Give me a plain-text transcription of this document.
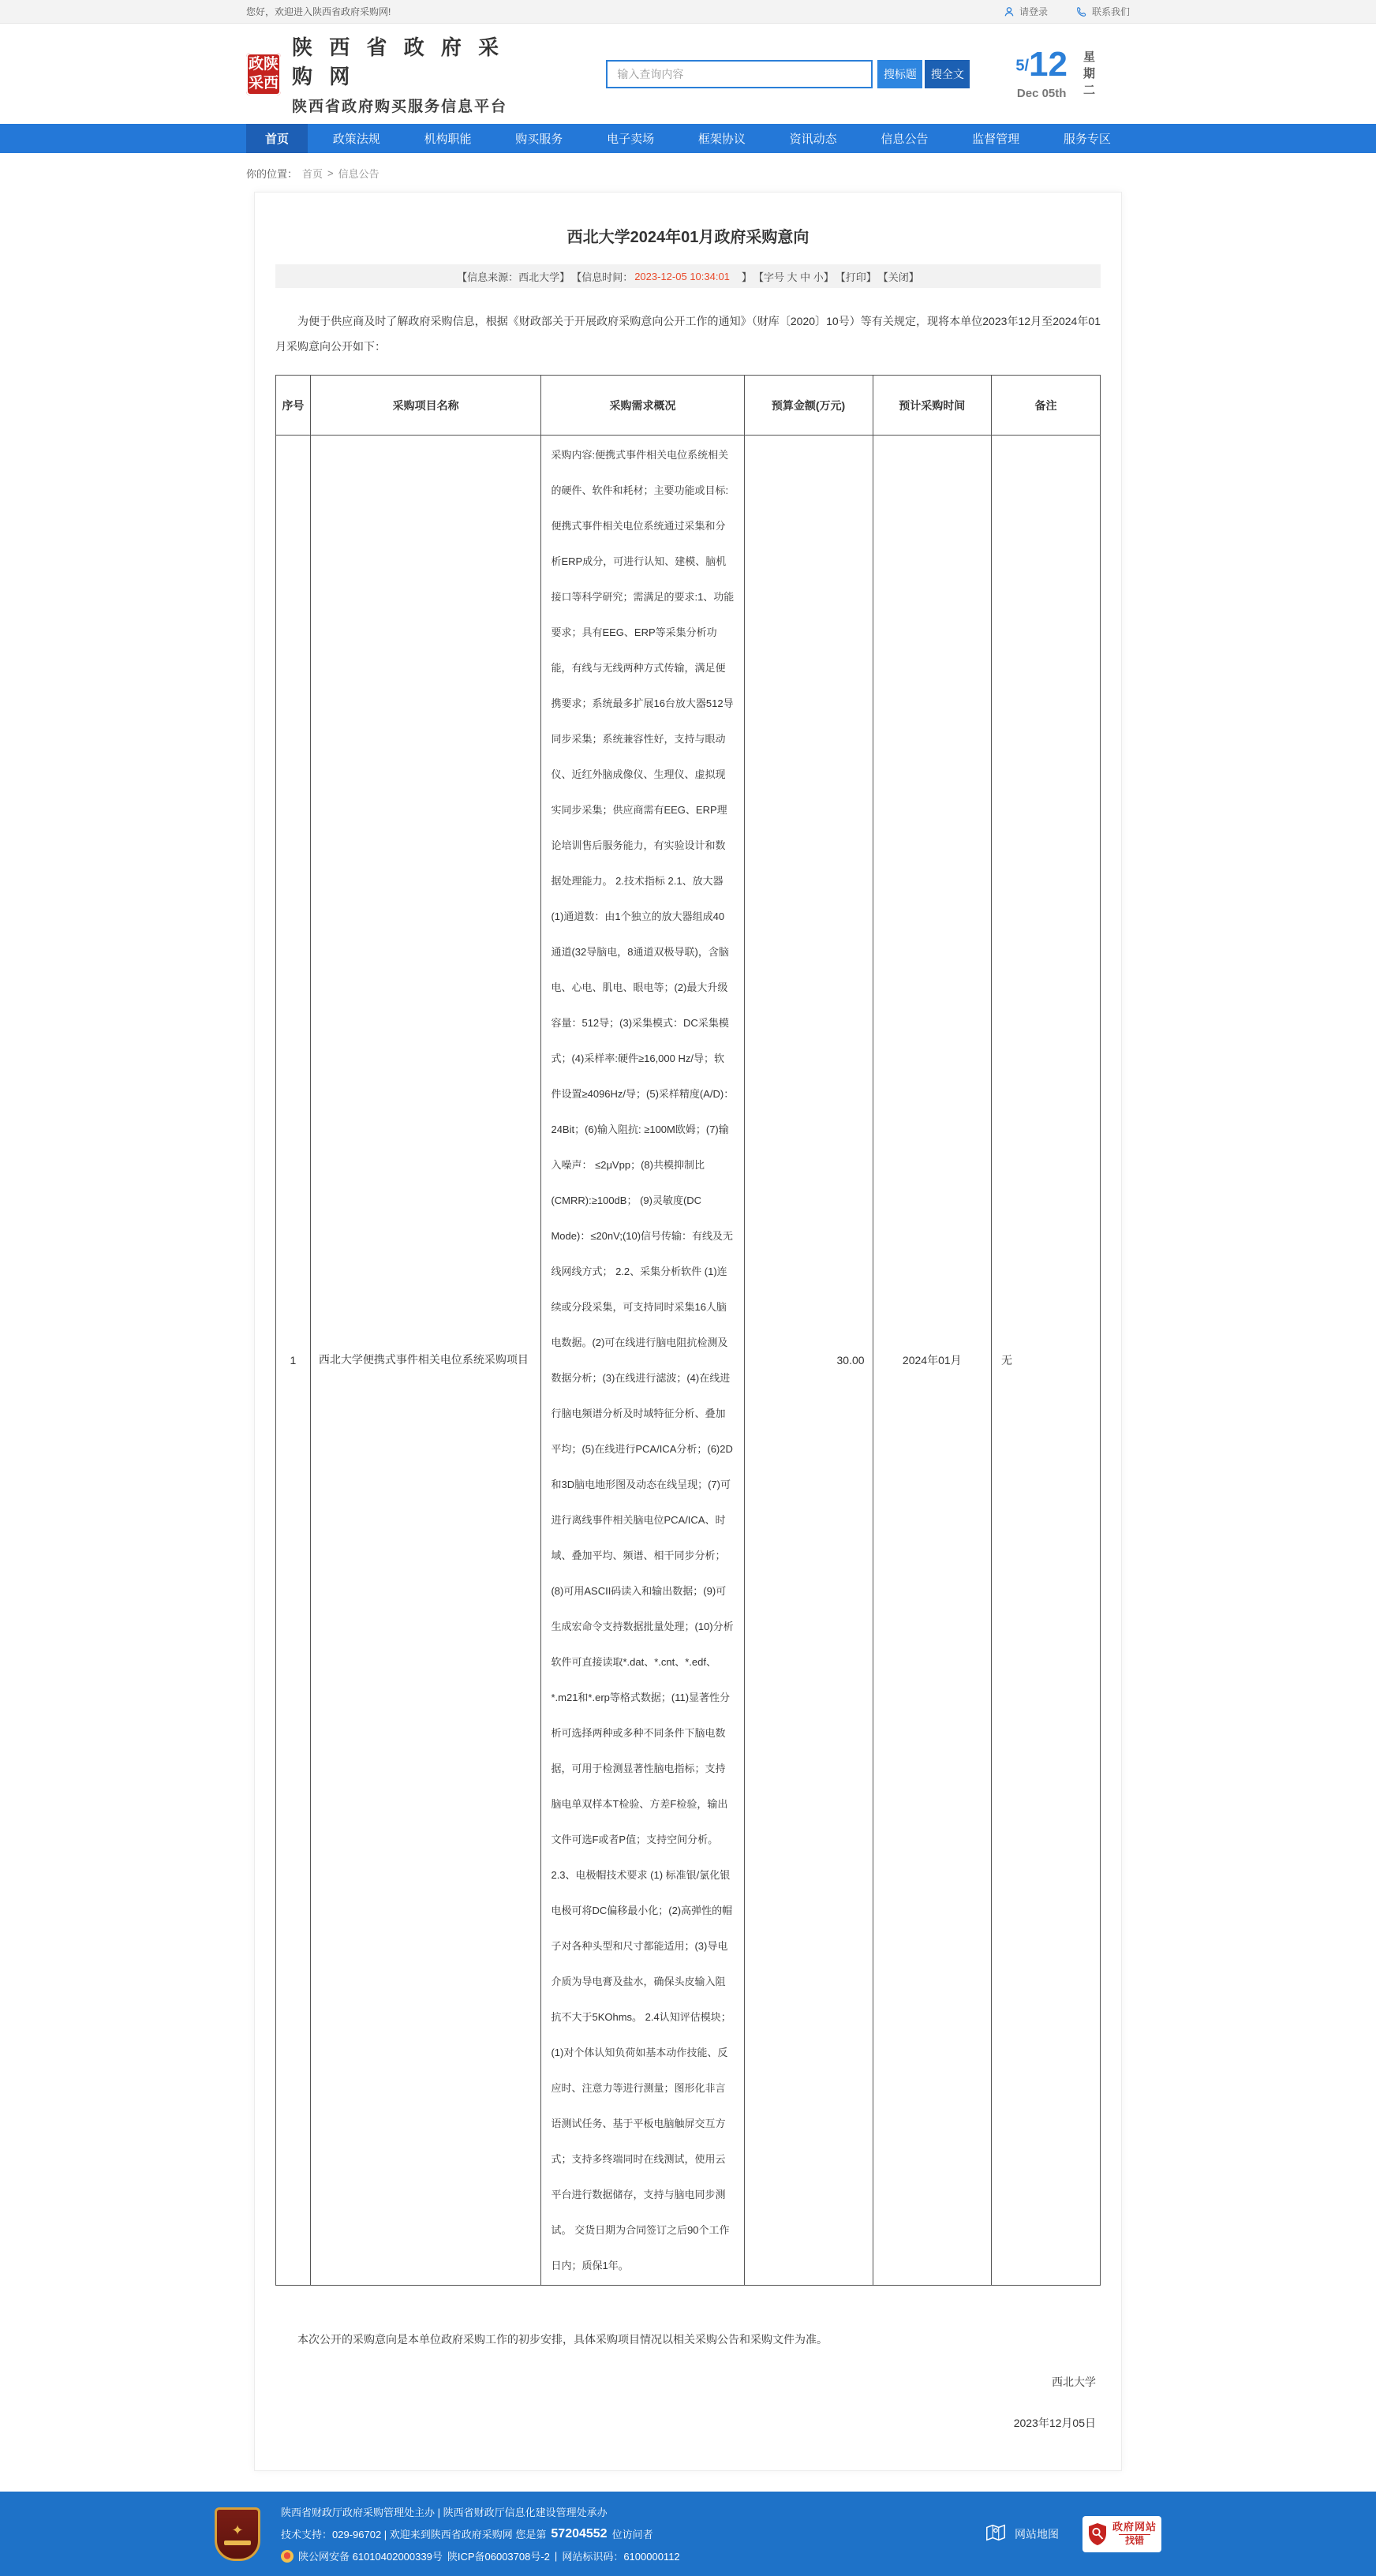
您好，欢迎进入陕西省政府采购网!	请登录	联系我们
政 陕
采 西
陕 西 省 政 府 采 购 网
陕西省政府购买服务信息平台
输入查询内容
搜标题	搜全文	5/12
Dec 05th 星期二
首页	政策法规	机构职能	购买服务	电子卖场	框架协议	资讯动态	信息公告	监督管理	服务专区
你的位置： 首页 > 信息公告
西北大学2024年01月政府采购意向
【信息来源：西北大学】 【信息时间： 2023-12-05 10:34:01 　】 【字号 大 中 小】 【打印】 【关闭】

为便于供应商及时了解政府采购信息，根据《财政部关于开展政府采购意向公开工作的通知》（财库〔2020〕10号）等有关规定，现将本单位2023年12月至2024年01月采购意向公开如下：

序号	采购项目名称	采购需求概况	预算金额(万元)	预计采购时间	备注
1	西北大学便携式事件相关电位系统采购项目	采购内容:便携式事件相关电位系统相关的硬件、软件和耗材；主要功能或目标:便携式事件相关电位系统通过采集和分析ERP成分，可进行认知、建模、脑机接口等科学研究；需满足的要求:1、功能要求；具有EEG、ERP等采集分析功能，有线与无线两种方式传输，满足便携要求；系统最多扩展16台放大器512导同步采集；系统兼容性好，支持与眼动仪、近红外脑成像仪、生理仪、虚拟现实同步采集；供应商需有EEG、ERP理论培训售后服务能力，有实验设计和数据处理能力。 2.技术指标 2.1、放大器 (1)通道数：由1个独立的放大器组成40通道(32导脑电，8通道双极导联)，含脑电、心电、肌电、眼电等；(2)最大升级容量：512导；(3)采集模式：DC采集模式；(4)采样率:硬件≥16,000 Hz/导；软件设置≥4096Hz/导；(5)采样精度(A/D)：24Bit；(6)输入阻抗: ≥100M欧姆；(7)输入噪声： ≤2μVpp；(8)共模抑制比(CMRR):≥100dB； (9)灵敏度(DC Mode)：≤20nV;(10)信号传输：有线及无线网线方式； 2.2、采集分析软件 (1)连续或分段采集，可支持同时采集16人脑电数据。(2)可在线进行脑电阻抗检测及数据分析；(3)在线进行滤波；(4)在线进行脑电频谱分析及时域特征分析、叠加平均；(5)在线进行PCA/ICA分析；(6)2D和3D脑电地形图及动态在线呈现；(7)可进行离线事件相关脑电位PCA/ICA、时域、叠加平均、频谱、相干同步分析；(8)可用ASCII码读入和输出数据；(9)可生成宏命令支持数据批量处理；(10)分析软件可直接读取*.dat、*.cnt、*.edf、*.m21和*.erp等格式数据；(11)显著性分析可选择两种或多种不同条件下脑电数据，可用于检测显著性脑电指标；支持脑电单双样本T检验、方差F检验，输出文件可选F或者P值；支持空间分析。 2.3、电极帽技术要求 (1) 标准银/氯化银电极可将DC偏移最小化；(2)高弹性的帽子对各种头型和尺寸都能适用；(3)导电介质为导电膏及盐水，确保头皮输入阻抗不大于5KOhms。 2.4认知评估模块；(1)对个体认知负荷如基本动作技能、反应时、注意力等进行测量；图形化非言语测试任务、基于平板电脑触屏交互方式；支持多终端同时在线测试，使用云平台进行数据储存，支持与脑电同步测试。 交货日期为合同签订之后90个工作日内；质保1年。	30.00	2024年01月	无

本次公开的采购意向是本单位政府采购工作的初步安排，具体采购项目情况以相关采购公告和采购文件为准。

西北大学
2023年12月05日
✦
陕西省财政厅政府采购管理处主办 | 陕西省财政厅信息化建设管理处承办
技术支持：029-96702 | 欢迎来到陕西省政府采购网 您是第 57204552 位访问者
陕公网安备 61010402000339号 陕ICP备06003708号-2 | 网站标识码：6100000112
网站地图
政府网站
找错
